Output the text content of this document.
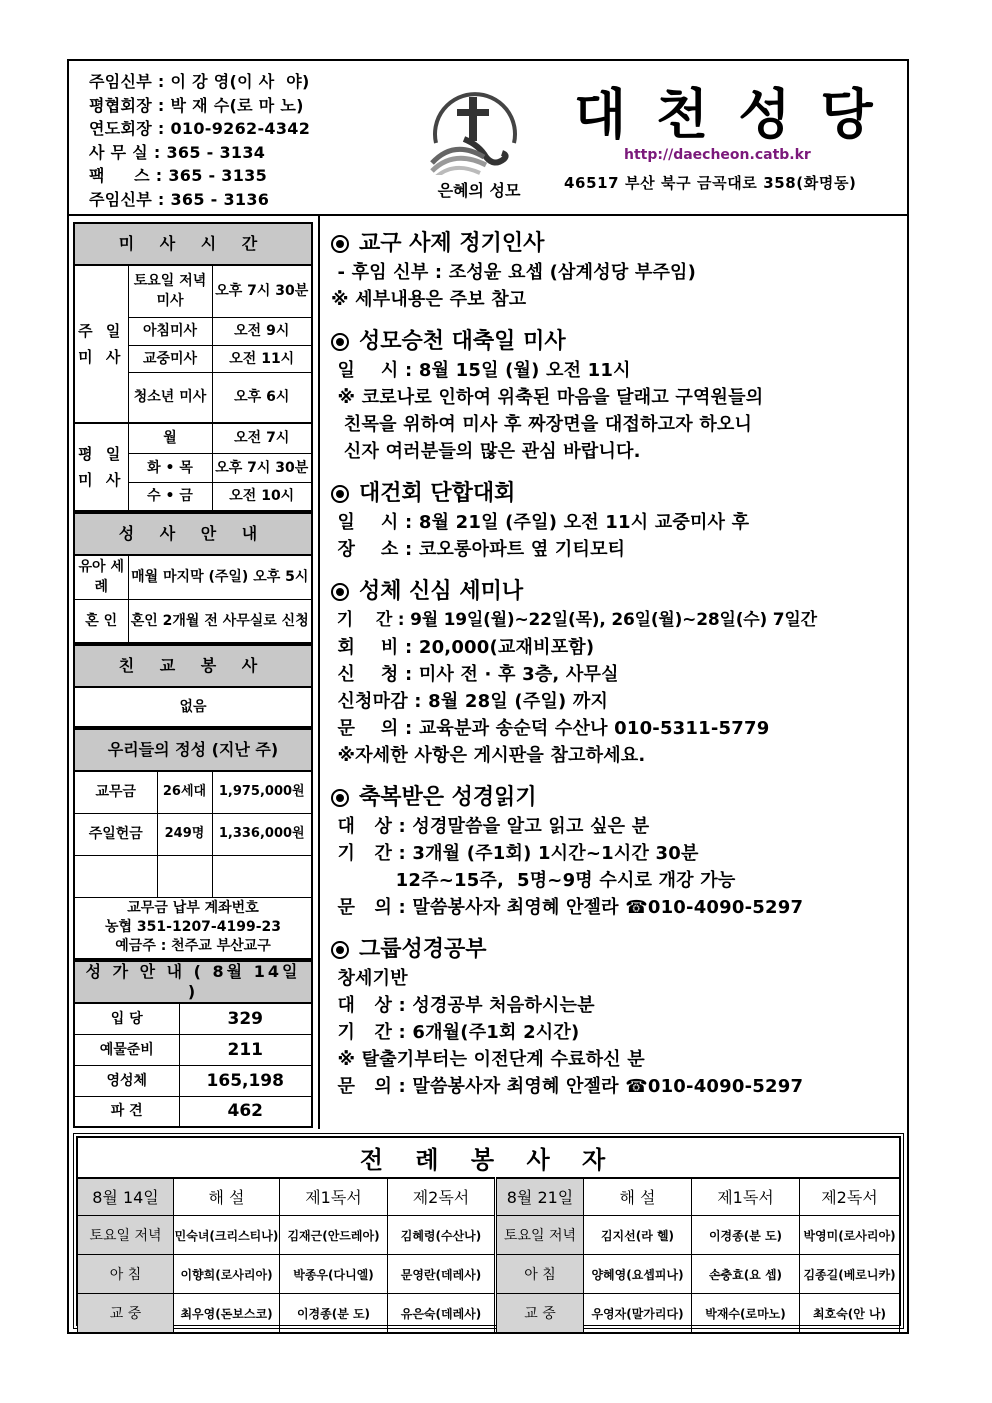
주임신부 : 이 강 영(이 사  야)
평협회장 : 박 재 수(로 마 노)
연도회장 : 010-9262-4342
사 무 실 : 365 - 3134
팩     스 : 365 - 3135
주임신부 : 365 - 3136	은혜의 성모
대천성당
http://daecheon.catb.kr
46517 부산 북구 금곡대로 358(화명동)
미 사 시 간		
주 일 미 사	토요일 저녁미사	오후 7시 30분
	아침미사	오전 9시
	교중미사	오전 11시
	청소년 미사	오후 6시
평 일 미 사	월	오전 7시
	화 • 목	오후 7시 30분
	수 • 금	오전 10시
성 사 안 내	
유아 세례	매월 마지막 (주일) 오후 5시
혼 인	혼인 2개월 전 사무실로 신청
친 교 봉 사
없음
우리들의 정성 (지난 주)		
교무금	26세대	1,975,000원
주일헌금	249명	1,336,000원

교무금 납부 계좌번호
농협 351-1207-4199-23
예금주 : 천주교 부산교구		
성 가 안 내 ( 8월 14일 )	
입 당	329
예물준비	211
영성체	165,198
파 견	462
교구 사제 정기인사
- 후임 신부 : 조성윤 요셉 (삼계성당 부주임)
※ 세부내용은 주보 참고
성모승천 대축일 미사
일    시 : 8월 15일 (월) 오전 11시
※ 코로나로 인하여 위축된 마음을 달래고 구역원들의
친목을 위하여 미사 후 짜장면을 대접하고자 하오니
신자 여러분들의 많은 관심 바랍니다.
대건회 단합대회
일    시 : 8월 21일 (주일) 오전 11시 교중미사 후
장    소 : 코오롱아파트 옆 기티모티
성체 신심 세미나
기    간 : 9월 19일(월)~22일(목), 26일(월)~28일(수) 7일간
회    비 : 20,000(교재비포함)
신    청 : 미사 전 · 후 3층, 사무실
신청마감 : 8월 28일 (주일) 까지
문    의 : 교육분과 송순덕 수산나 010-5311-5779
※자세한 사항은 게시판을 참고하세요.
축복받은 성경읽기
대   상 : 성경말씀을 알고 읽고 싶은 분
기   간 : 3개월 (주1회) 1시간~1시간 30분
12주~15주,  5명~9명 수시로 개강 가능
문   의 : 말씀봉사자 최영혜 안젤라 ☎010-4090-5297
그룹성경공부
창세기반
대   상 : 성경공부 처음하시는분
기   간 : 6개월(주1회 2시간)
※ 탈출기부터는 이전단계 수료하신 분
문   의 : 말씀봉사자 최영혜 안젤라 ☎010-4090-5297
전 례 봉 사 자							
8월 14일	해 설	제1독서	제2독서	8월 21일	해 설	제1독서	제2독서
토요일 저녁	민숙녀(크리스티나)	김재근(안드레아)	김혜령(수산나)	토요일 저녁	김지선(라 헬)	이경종(분 도)	박영미(로사리아)
아 침	이향희(로사리아)	박종우(다니엘)	문영란(데레사)	아 침	양혜영(요셉피나)	손충효(요 셉)	김종길(베로니카)
교 중	최우영(돈보스코)	이경종(분 도)	유은숙(데레사)	교 중	우영자(말가리다)	박재수(로마노)	최호숙(안 나)
